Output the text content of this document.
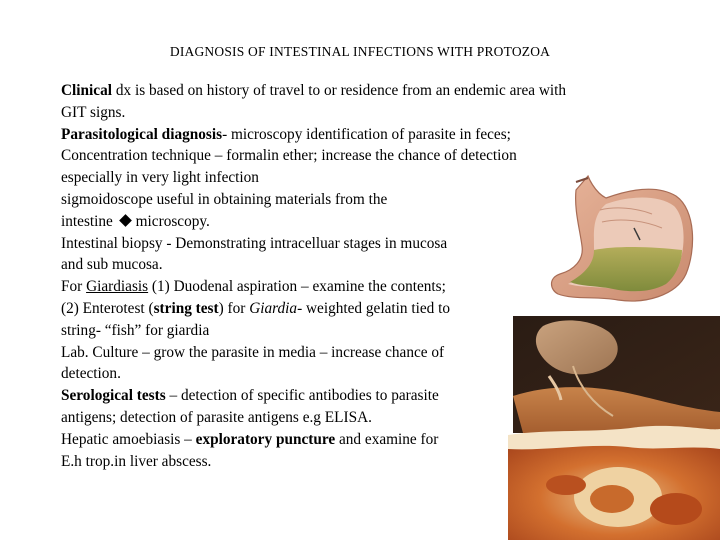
DIAGNOSIS OF INTESTINAL INFECTIONS WITH PROTOZOA
Clinical dx is based on history of travel to or residence from an endemic area with
GIT signs.
Parasitological diagnosis- microscopy identification of parasite in feces;
Concentration technique – formalin ether; increase the chance of detection
especially in very light infection
sigmoidoscope useful in obtaining materials from the
intestine microscopy.
Intestinal biopsy - Demonstrating intracelluar stages in mucosa
and sub mucosa.
For Giardiasis (1) Duodenal aspiration – examine the contents;
(2) Enterotest (string test) for Giardia- weighted gelatin tied to
string- “fish” for giardia
Lab. Culture – grow the parasite in media – increase chance of
detection.
Serological tests – detection of specific antibodies to parasite
antigens; detection of parasite antigens e.g ELISA.
Hepatic amoebiasis – exploratory puncture and examine for
E.h trop.in liver abscess.
